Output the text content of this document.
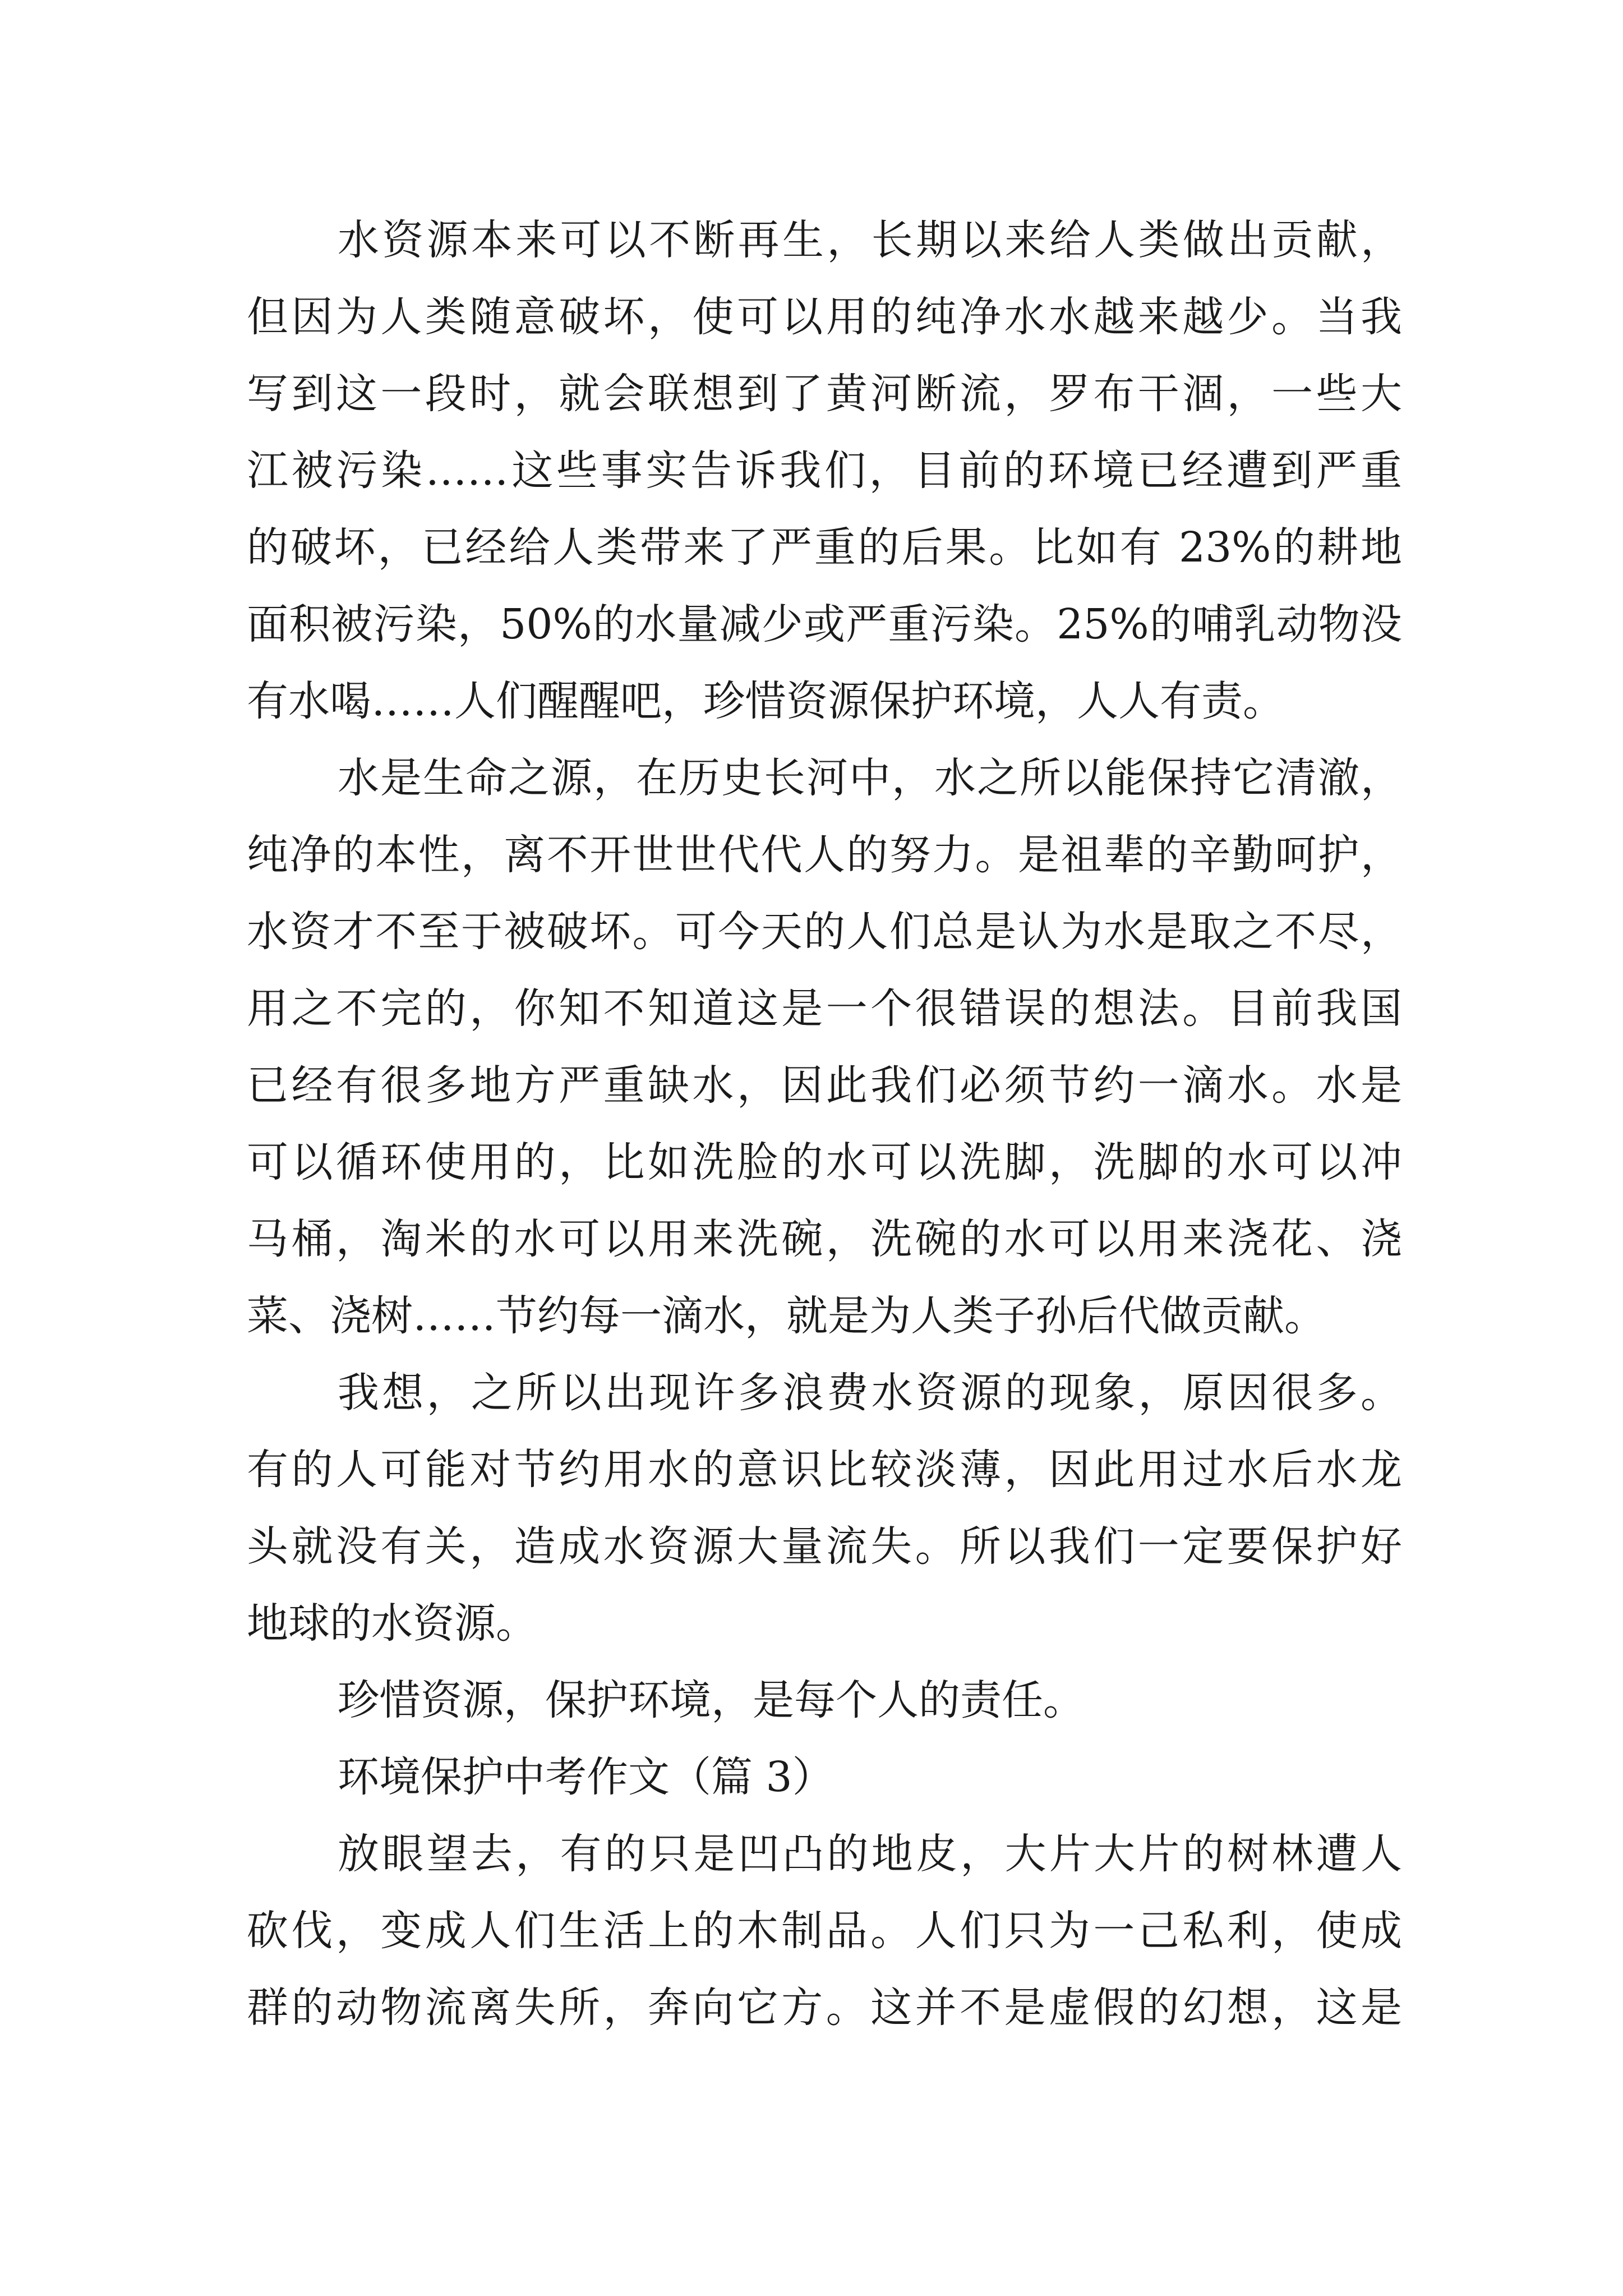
水资源本来可以不断再生，长期以来给人类做出贡献，
但因为人类随意破坏，使可以用的纯净水水越来越少。当我
写到这一段时，就会联想到了黄河断流，罗布干涸，一些大
江被污染……这些事实告诉我们，目前的环境已经遭到严重
的破坏，已经给人类带来了严重的后果。比如有 23%的耕地
面积被污染，50%的水量减少或严重污染。25%的哺乳动物没
有水喝……人们醒醒吧，珍惜资源保护环境，人人有责。
水是生命之源，在历史长河中，水之所以能保持它清澈，
纯净的本性，离不开世世代代人的努力。是祖辈的辛勤呵护，
水资才不至于被破坏。可今天的人们总是认为水是取之不尽，
用之不完的，你知不知道这是一个很错误的想法。目前我国
已经有很多地方严重缺水，因此我们必须节约一滴水。水是
可以循环使用的，比如洗脸的水可以洗脚，洗脚的水可以冲
马桶，淘米的水可以用来洗碗，洗碗的水可以用来浇花、浇
菜、浇树……节约每一滴水，就是为人类子孙后代做贡献。
我想，之所以出现许多浪费水资源的现象，原因很多。
有的人可能对节约用水的意识比较淡薄，因此用过水后水龙
头就没有关，造成水资源大量流失。所以我们一定要保护好
地球的水资源。
珍惜资源，保护环境，是每个人的责任。
环境保护中考作文（篇 3）
放眼望去，有的只是凹凸的地皮，大片大片的树林遭人
砍伐，变成人们生活上的木制品。人们只为一己私利，使成
群的动物流离失所，奔向它方。这并不是虚假的幻想，这是
